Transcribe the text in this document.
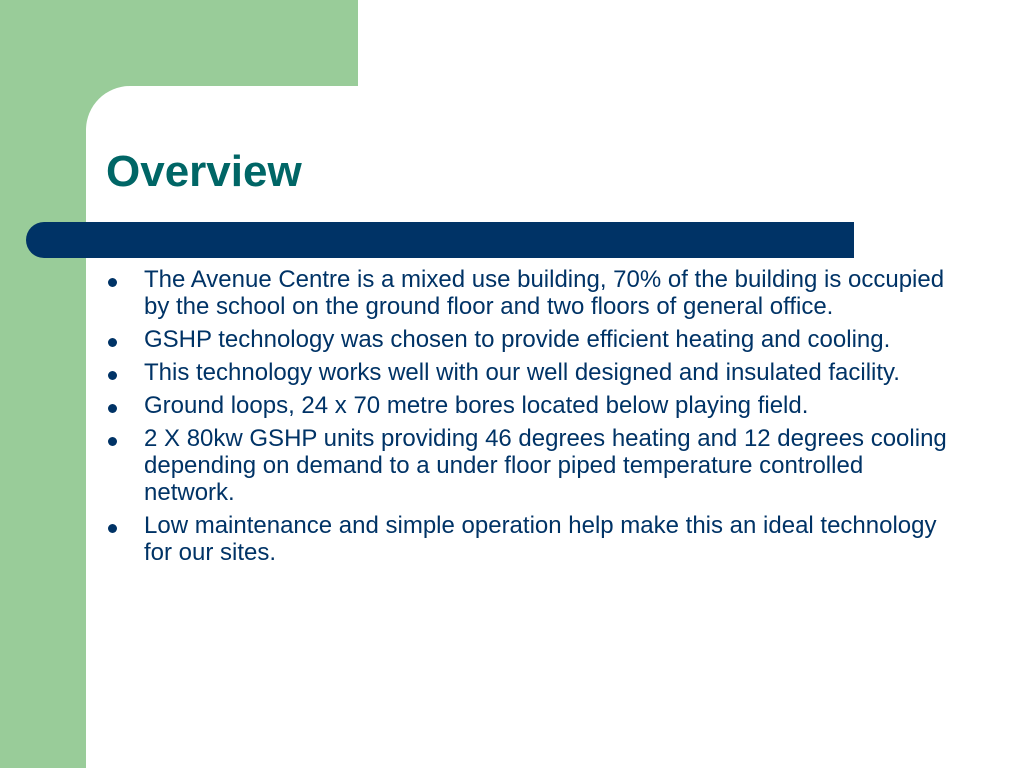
Overview
The Avenue Centre is a mixed use building, 70% of the building is occupied by the school on the ground floor and two floors of general office.
GSHP technology was chosen to provide efficient heating and cooling.
This technology works well with our well designed and insulated facility.
Ground loops, 24 x 70 metre bores located below playing field.
2 X 80kw GSHP units providing 46 degrees heating and 12 degrees cooling depending on demand to a under floor piped temperature controlled network.
Low maintenance and simple operation help make this an ideal technology for our sites.
